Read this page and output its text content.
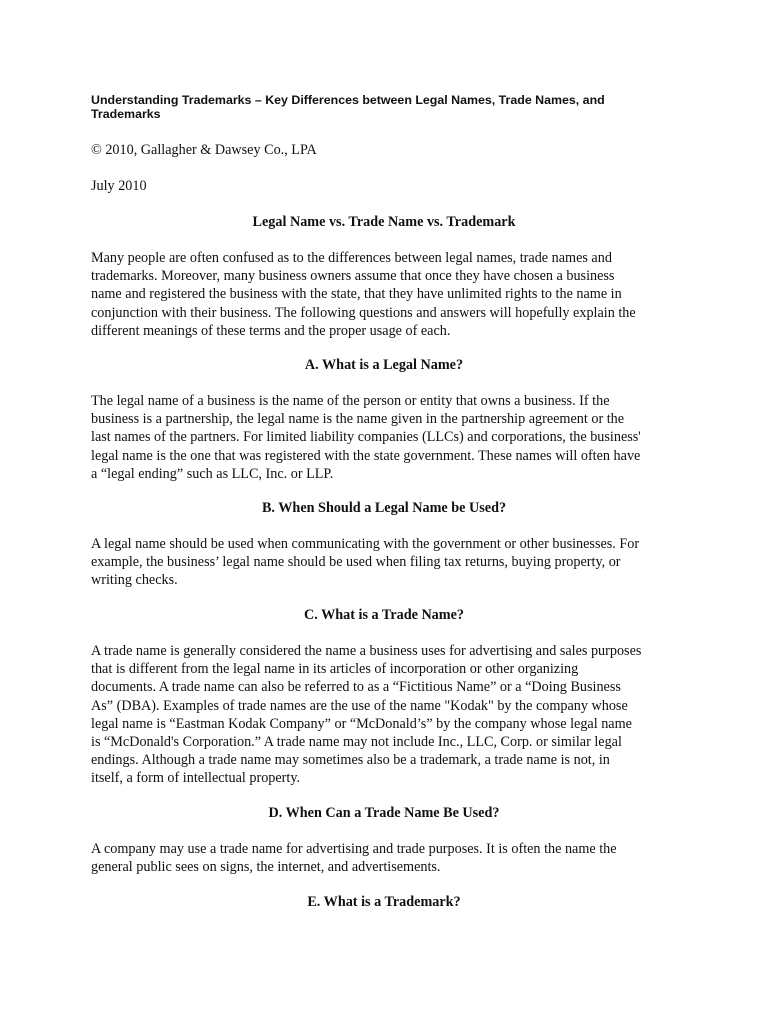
Understanding Trademarks – Key Differences between Legal Names, Trade Names, and Trademarks

© 2010, Gallagher & Dawsey Co., LPA

July 2010

Legal Name vs. Trade Name vs. Trademark
Many people are often confused as to the differences between legal names, trade names and
trademarks. Moreover, many business owners assume that once they have chosen a business
name and registered the business with the state, that they have unlimited rights to the name in
conjunction with their business. The following questions and answers will hopefully explain the
different meanings of these terms and the proper usage of each.
A. What is a Legal Name?
The legal name of a business is the name of the person or entity that owns a business. If the
business is a partnership, the legal name is the name given in the partnership agreement or the
last names of the partners. For limited liability companies (LLCs) and corporations, the business'
legal name is the one that was registered with the state government. These names will often have
a “legal ending” such as LLC, Inc. or LLP.
B. When Should a Legal Name be Used?
A legal name should be used when communicating with the government or other businesses. For
example, the business’ legal name should be used when filing tax returns, buying property, or
writing checks.
C. What is a Trade Name?
A trade name is generally considered the name a business uses for advertising and sales purposes
that is different from the legal name in its articles of incorporation or other organizing
documents. A trade name can also be referred to as a “Fictitious Name” or a “Doing Business
As” (DBA). Examples of trade names are the use of the name "Kodak" by the company whose
legal name is “Eastman Kodak Company” or “McDonald’s” by the company whose legal name
is “McDonald's Corporation.” A trade name may not include Inc., LLC, Corp. or similar legal
endings. Although a trade name may sometimes also be a trademark, a trade name is not, in
itself, a form of intellectual property.
D. When Can a Trade Name Be Used?
A company may use a trade name for advertising and trade purposes. It is often the name the
general public sees on signs, the internet, and advertisements.
E. What is a Trademark?
